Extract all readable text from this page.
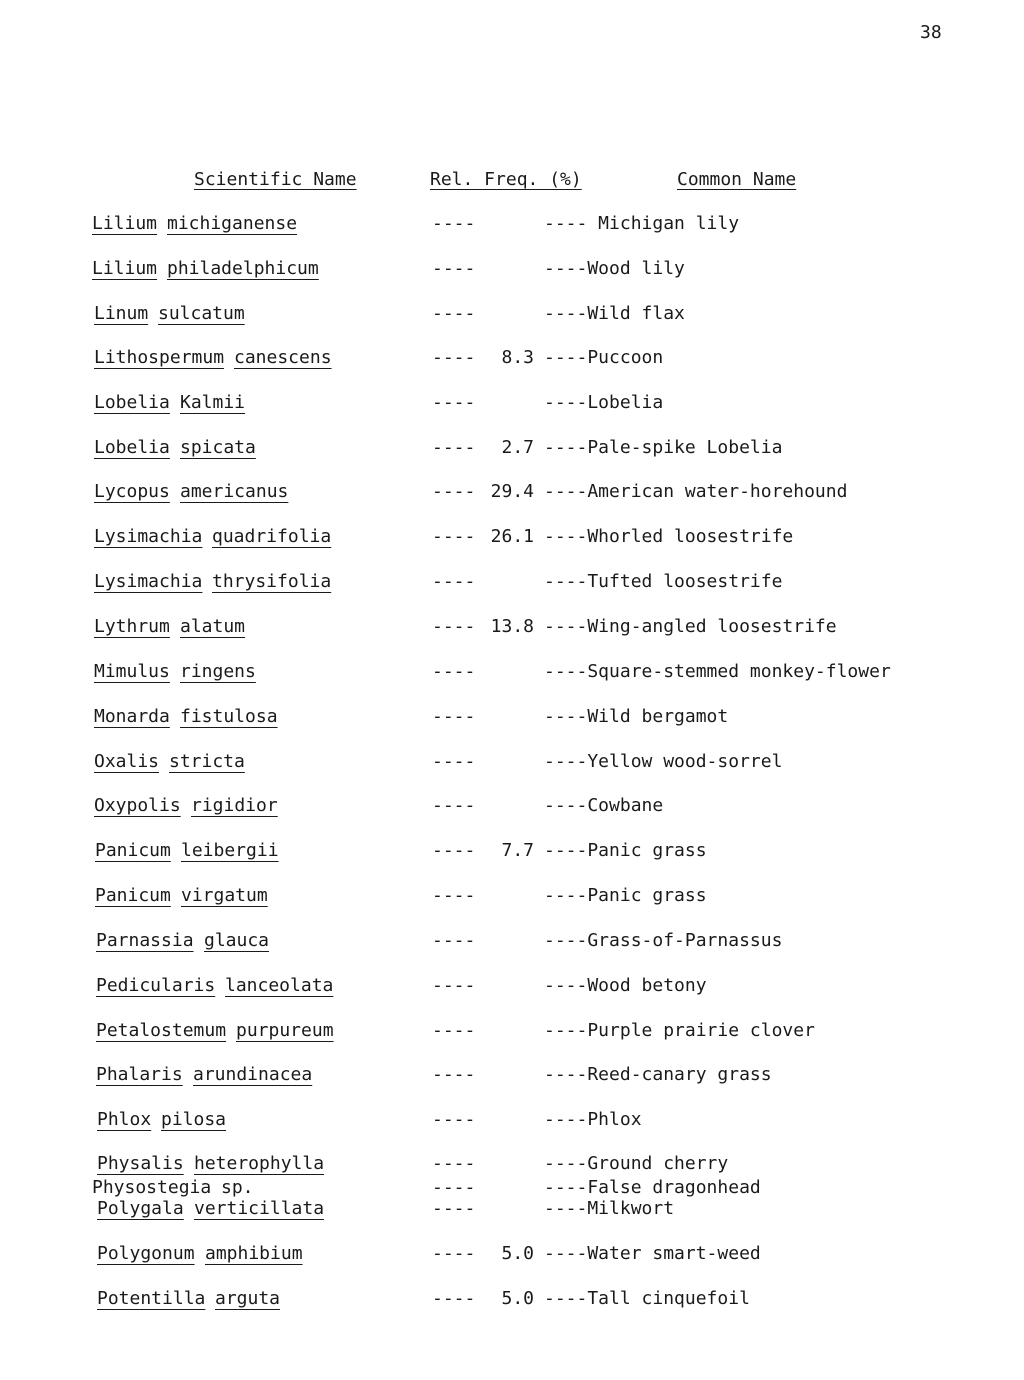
38
Scientific Name	Rel. Freq. (%)	Common Name
Lilium michiganense	----	---- Michigan lily
Lilium philadelphicum	----	----Wood lily
Linum sulcatum	----	----Wild flax
Lithospermum canescens	----	8.3 ----Puccoon
Lobelia Kalmii	----	----Lobelia
Lobelia spicata	----	2.7 ----Pale-spike Lobelia
Lycopus americanus	---- 29.4 ----American water-horehound
Lysimachia quadrifolia	---- 26.1 ----Whorled loosestrife
Lysimachia thrysifolia	----	----Tufted loosestrife
Lythrum alatum	---- 13.8 ----Wing-angled loosestrife
Mimulus ringens	----	----Square-stemmed monkey-flower
Monarda fistulosa	----	----Wild bergamot
Oxalis stricta	----	----Yellow wood-sorrel
Oxypolis rigidior	----	----Cowbane
Panicum leibergii	----	7.7 ----Panic grass
Panicum virgatum	----	----Panic grass
Parnassia glauca	----	----Grass-of-Parnassus
Pedicularis lanceolata	----	----Wood betony
Petalostemum purpureum	----	----Purple prairie clover
Phalaris arundinacea	----	----Reed-canary grass
Phlox pilosa	----	----Phlox
Physalis heterophylla	----	----Ground cherry
Physostegia sp.	----	----False dragonhead
Polygala verticillata	----	----Milkwort
Polygonum amphibium	----	5.0 ----Water smart-weed
Potentilla arguta	----	5.0 ----Tall cinquefoil
